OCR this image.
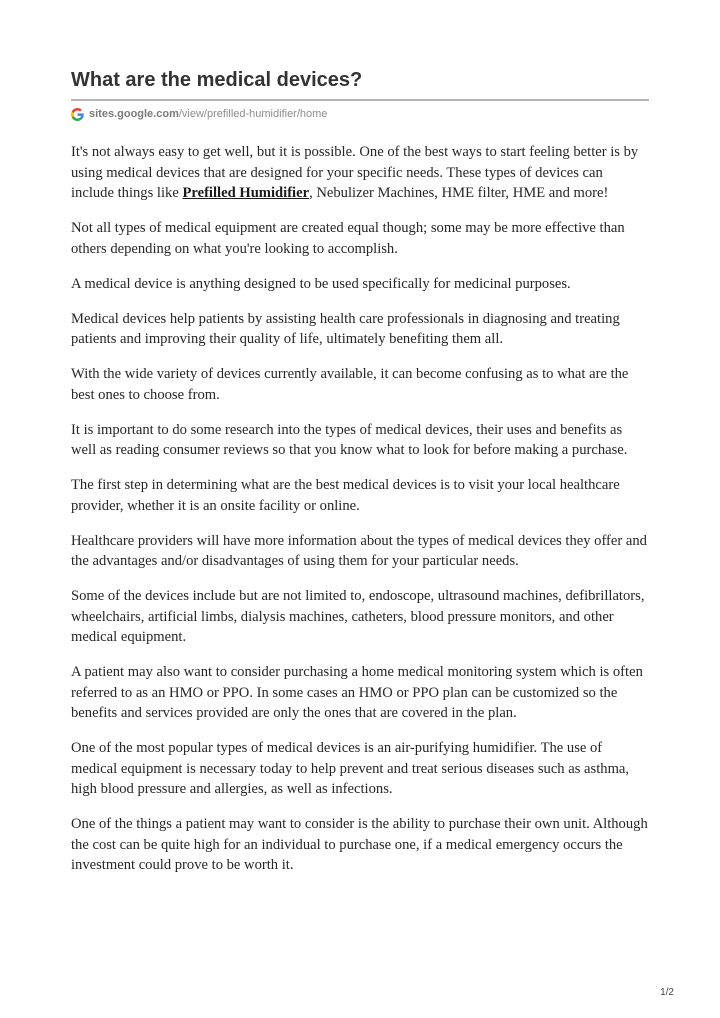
What are the medical devices?
sites.google.com /view/prefilled-humidifier/home

It's not always easy to get well, but it is possible. One of the best ways to start feeling better is by using medical devices that are designed for your specific needs. These types of devices can include things like Prefilled Humidifier, Nebulizer Machines, HME filter, HME and more!

Not all types of medical equipment are created equal though; some may be more effective than others depending on what you're looking to accomplish.

A medical device is anything designed to be used specifically for medicinal purposes.

Medical devices help patients by assisting health care professionals in diagnosing and treating patients and improving their quality of life, ultimately benefiting them all.

With the wide variety of devices currently available, it can become confusing as to what are the best ones to choose from.

It is important to do some research into the types of medical devices, their uses and benefits as well as reading consumer reviews so that you know what to look for before making a purchase.

The first step in determining what are the best medical devices is to visit your local healthcare provider, whether it is an onsite facility or online.

Healthcare providers will have more information about the types of medical devices they offer and the advantages and/or disadvantages of using them for your particular needs.

Some of the devices include but are not limited to, endoscope, ultrasound machines, defibrillators, wheelchairs, artificial limbs, dialysis machines, catheters, blood pressure monitors, and other medical equipment.

A patient may also want to consider purchasing a home medical monitoring system which is often referred to as an HMO or PPO. In some cases an HMO or PPO plan can be customized so the benefits and services provided are only the ones that are covered in the plan.

One of the most popular types of medical devices is an air-purifying humidifier. The use of medical equipment is necessary today to help prevent and treat serious diseases such as asthma, high blood pressure and allergies, as well as infections.

One of the things a patient may want to consider is the ability to purchase their own unit. Although the cost can be quite high for an individual to purchase one, if a medical emergency occurs the investment could prove to be worth it.

1/2
